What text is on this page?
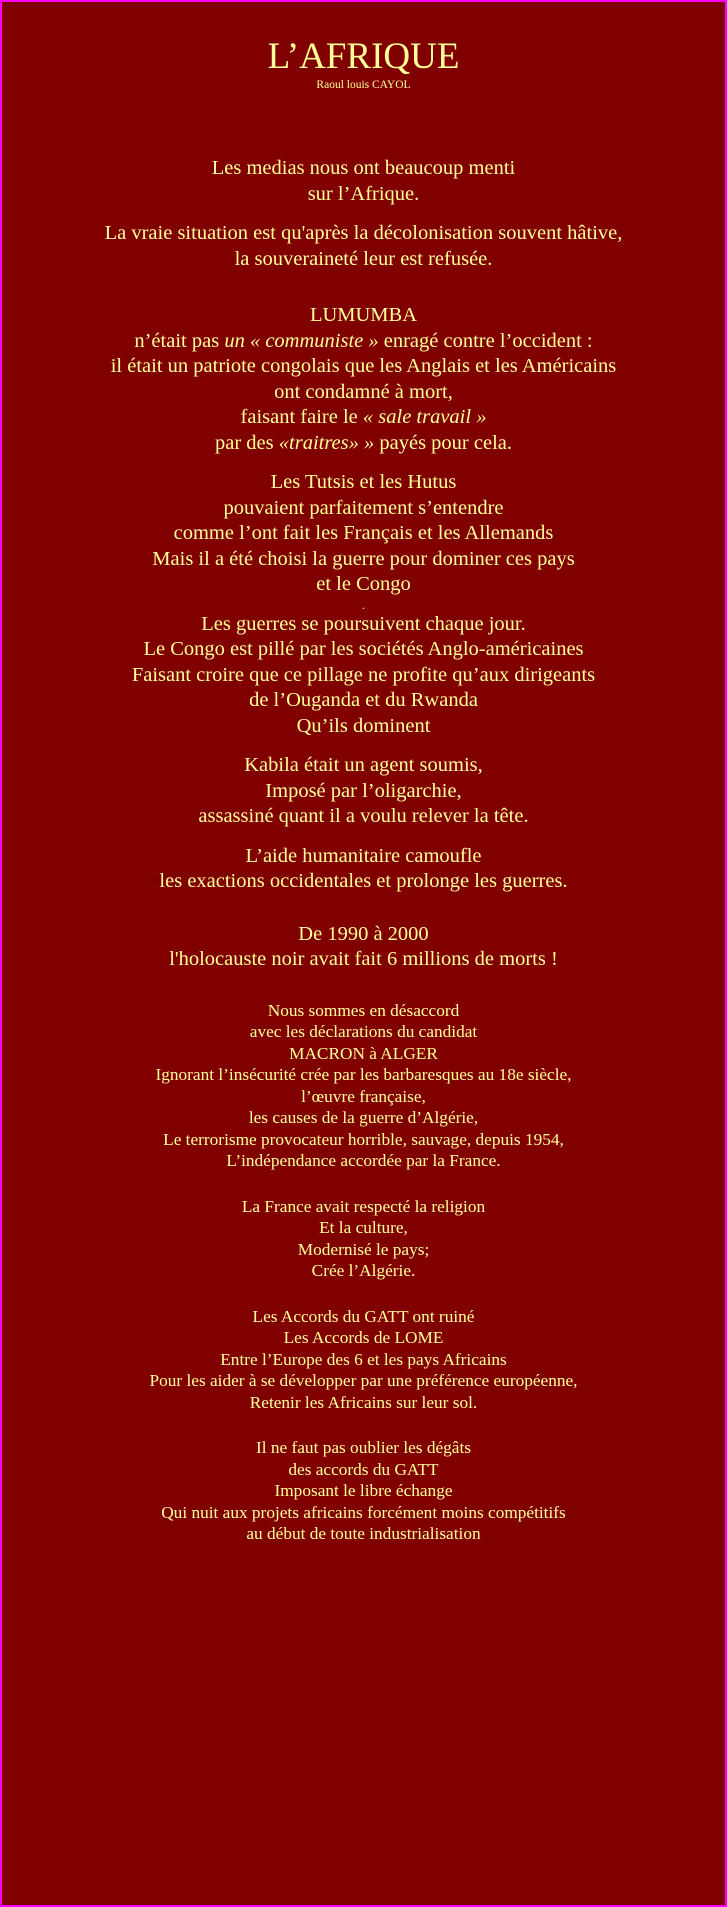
L’AFRIQUE
Raoul louis CAYOL
Les medias nous ont beaucoup menti
sur l’Afrique.
La vraie situation est qu'après la décolonisation souvent hâtive,
la souveraineté leur est refusée.
LUMUMBA
n’était pas un « communiste » enragé contre l’occident :
il était un patriote congolais que les Anglais et les Américains
ont condamné à mort,
faisant faire le « sale travail »
par des «traitres» » payés pour cela.
Les Tutsis et les Hutus
pouvaient parfaitement s’entendre
comme l’ont fait les Français et les Allemands
Mais il a été choisi la guerre pour dominer ces pays
et le Congo
.
Les guerres se poursuivent chaque jour.
Le Congo est pillé par les sociétés Anglo-américaines
Faisant croire que ce pillage ne profite qu’aux dirigeants
de l’Ouganda et du Rwanda
Qu’ils dominent
Kabila était un agent soumis,
Imposé par l’oligarchie,
assassiné quant il a voulu relever la tête.
L’aide humanitaire camoufle
les exactions occidentales et prolonge les guerres.
De 1990 à 2000
l'holocauste noir avait fait 6 millions de morts !
Nous sommes en désaccord
avec les déclarations du candidat
MACRON à ALGER
Ignorant l’insécurité crée par les barbaresques au 18e siècle,
l’œuvre française,
les causes de la guerre d’Algérie,
Le terrorisme provocateur horrible, sauvage, depuis 1954,
L’indépendance accordée par la France.
La France avait respecté la religion
Et la culture,
Modernisé le pays;
Crée l’Algérie.
Les Accords du GATT ont ruiné
Les Accords de LOME
Entre l’Europe des 6 et les pays Africains
Pour les aider à se développer par une préférence européenne,
Retenir les Africains sur leur sol.
Il ne faut pas oublier les dégâts
des accords du GATT
Imposant le libre échange
Qui nuit aux projets africains forcément moins compétitifs
au début de toute industrialisation
